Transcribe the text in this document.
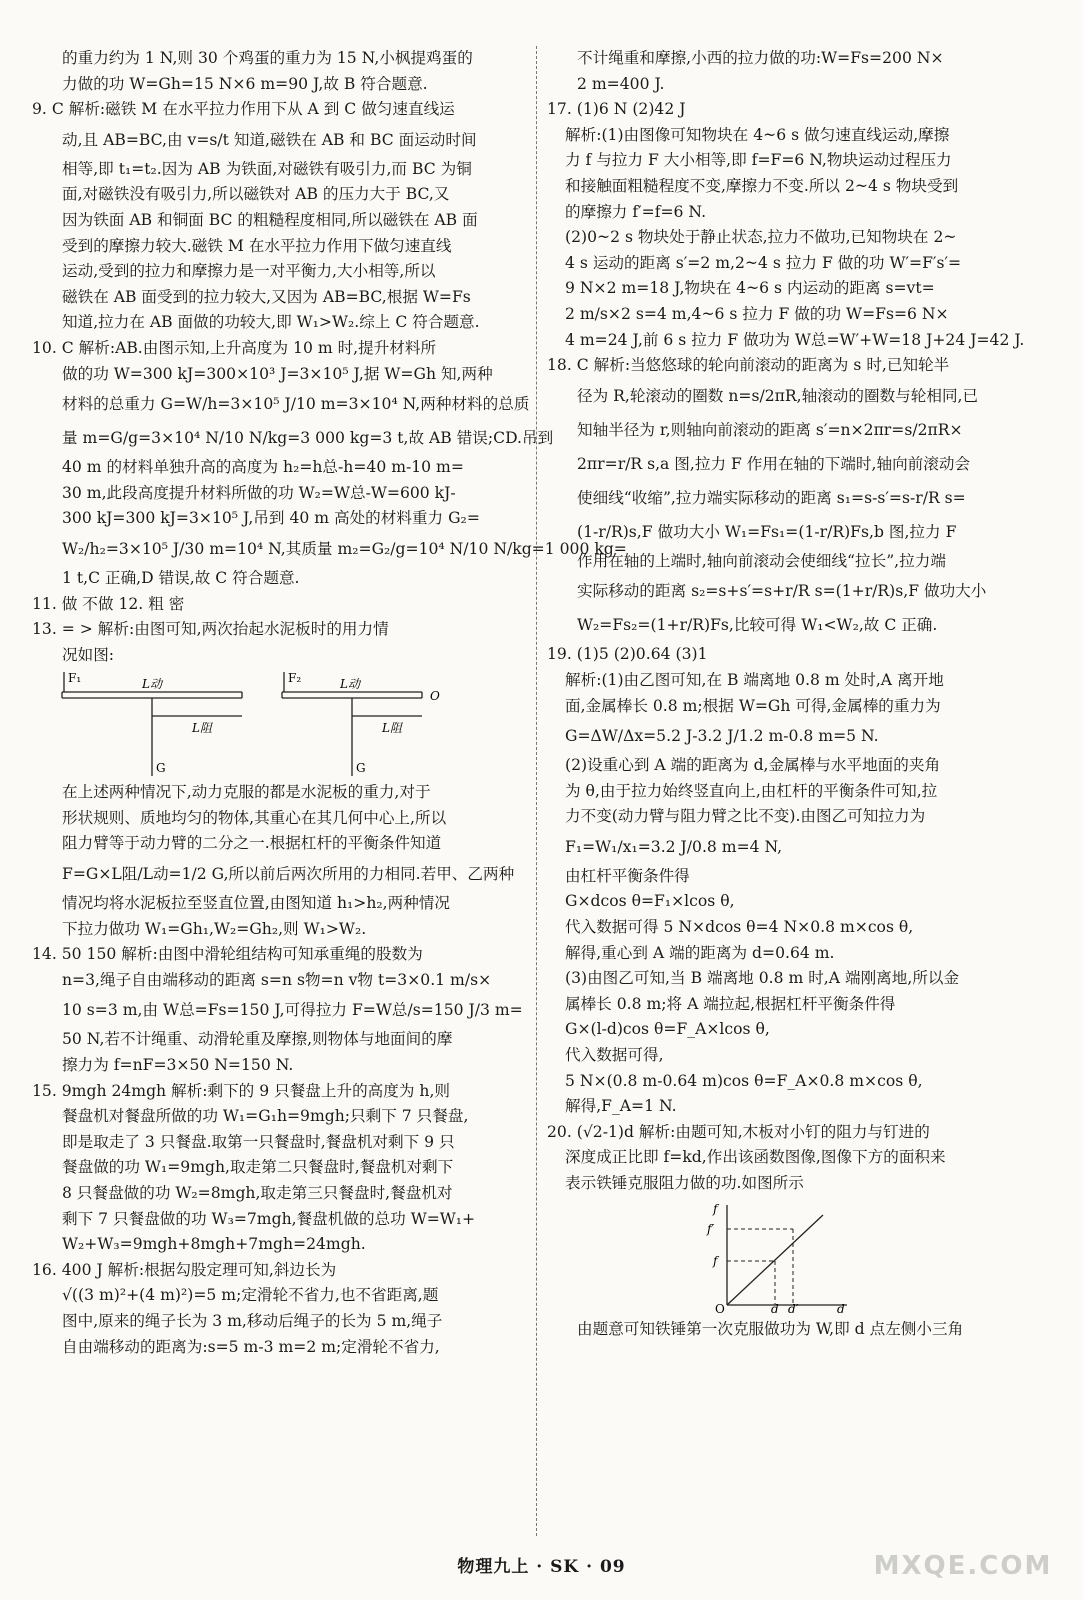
的重力约为 1 N,则 30 个鸡蛋的重力为 15 N,小枫提鸡蛋的
力做的功 W=Gh=15 N×6 m=90 J,故 B 符合题意.
9. C 解析:磁铁 M 在水平拉力作用下从 A 到 C 做匀速直线运
动,且 AB=BC,由 v=s/t 知道,磁铁在 AB 和 BC 面运动时间
相等,即 t₁=t₂.因为 AB 为铁面,对磁铁有吸引力,而 BC 为铜
面,对磁铁没有吸引力,所以磁铁对 AB 的压力大于 BC,又
因为铁面 AB 和铜面 BC 的粗糙程度相同,所以磁铁在 AB 面
受到的摩擦力较大.磁铁 M 在水平拉力作用下做匀速直线
运动,受到的拉力和摩擦力是一对平衡力,大小相等,所以
磁铁在 AB 面受到的拉力较大,又因为 AB=BC,根据 W=Fs
知道,拉力在 AB 面做的功较大,即 W₁>W₂.综上 C 符合题意.
10. C 解析:AB.由图示知,上升高度为 10 m 时,提升材料所
做的功 W=300 kJ=300×10³ J=3×10⁵ J,据 W=Gh 知,两种
材料的总重力 G=W/h=3×10⁵ J/10 m=3×10⁴ N,两种材料的总质
量 m=G/g=3×10⁴ N/10 N/kg=3 000 kg=3 t,故 AB 错误;CD.吊到
40 m 的材料单独升高的高度为 h₂=h总-h=40 m-10 m=
30 m,此段高度提升材料所做的功 W₂=W总-W=600 kJ-
300 kJ=300 kJ=3×10⁵ J,吊到 40 m 高处的材料重力 G₂=
W₂/h₂=3×10⁵ J/30 m=10⁴ N,其质量 m₂=G₂/g=10⁴ N/10 N/kg=1 000 kg=
1 t,C 正确,D 错误,故 C 符合题意.
11. 做 不做 12. 粗 密
13. = > 解析:由图可知,两次抬起水泥板时的用力情
况如图:
F₁	L动
L阻
G
F₂	L动
L阻
G
O
在上述两种情况下,动力克服的都是水泥板的重力,对于
形状规则、质地均匀的物体,其重心在其几何中心上,所以
阻力臂等于动力臂的二分之一.根据杠杆的平衡条件知道
F=G×L阻/L动=1/2 G,所以前后两次所用的力相同.若甲、乙两种
情况均将水泥板拉至竖直位置,由图知道 h₁>h₂,两种情况
下拉力做功 W₁=Gh₁,W₂=Gh₂,则 W₁>W₂.
14. 50 150 解析:由图中滑轮组结构可知承重绳的股数为
n=3,绳子自由端移动的距离 s=n s物=n v物 t=3×0.1 m/s×
10 s=3 m,由 W总=Fs=150 J,可得拉力 F=W总/s=150 J/3 m=
50 N,若不计绳重、动滑轮重及摩擦,则物体与地面间的摩
擦力为 f=nF=3×50 N=150 N.
15. 9mgh 24mgh 解析:剩下的 9 只餐盘上升的高度为 h,则
餐盘机对餐盘所做的功 W₁=G₁h=9mgh;只剩下 7 只餐盘,
即是取走了 3 只餐盘.取第一只餐盘时,餐盘机对剩下 9 只
餐盘做的功 W₁=9mgh,取走第二只餐盘时,餐盘机对剩下
8 只餐盘做的功 W₂=8mgh,取走第三只餐盘时,餐盘机对
剩下 7 只餐盘做的功 W₃=7mgh,餐盘机做的总功 W=W₁+
W₂+W₃=9mgh+8mgh+7mgh=24mgh.
16. 400 J 解析:根据勾股定理可知,斜边长为
√((3 m)²+(4 m)²)=5 m;定滑轮不省力,也不省距离,题
图中,原来的绳子长为 3 m,移动后绳子的长为 5 m,绳子
自由端移动的距离为:s=5 m-3 m=2 m;定滑轮不省力,
不计绳重和摩擦,小西的拉力做的功:W=Fs=200 N×
2 m=400 J.
17. (1)6 N (2)42 J
解析:(1)由图像可知物块在 4~6 s 做匀速直线运动,摩擦
力 f 与拉力 F 大小相等,即 f=F=6 N,物块运动过程压力
和接触面粗糙程度不变,摩擦力不变.所以 2~4 s 物块受到
的摩擦力 f′=f=6 N.
(2)0~2 s 物块处于静止状态,拉力不做功,已知物块在 2~
4 s 运动的距离 s′=2 m,2~4 s 拉力 F 做的功 W′=F′s′=
9 N×2 m=18 J,物块在 4~6 s 内运动的距离 s=vt=
2 m/s×2 s=4 m,4~6 s 拉力 F 做的功 W=Fs=6 N×
4 m=24 J,前 6 s 拉力 F 做功为 W总=W′+W=18 J+24 J=42 J.
18. C 解析:当悠悠球的轮向前滚动的距离为 s 时,已知轮半
径为 R,轮滚动的圈数 n=s/2πR,轴滚动的圈数与轮相同,已
知轴半径为 r,则轴向前滚动的距离 s′=n×2πr=s/2πR×
2πr=r/R s,a 图,拉力 F 作用在轴的下端时,轴向前滚动会
使细线“收缩”,拉力端实际移动的距离 s₁=s-s′=s-r/R s=
(1-r/R)s,F 做功大小 W₁=Fs₁=(1-r/R)Fs,b 图,拉力 F
作用在轴的上端时,轴向前滚动会使细线“拉长”,拉力端
实际移动的距离 s₂=s+s′=s+r/R s=(1+r/R)s,F 做功大小
W₂=Fs₂=(1+r/R)Fs,比较可得 W₁<W₂,故 C 正确.
19. (1)5 (2)0.64 (3)1
解析:(1)由乙图可知,在 B 端离地 0.8 m 处时,A 离开地
面,金属棒长 0.8 m;根据 W=Gh 可得,金属棒的重力为
G=ΔW/Δx=5.2 J-3.2 J/1.2 m-0.8 m=5 N.
(2)设重心到 A 端的距离为 d,金属棒与水平地面的夹角
为 θ,由于拉力始终竖直向上,由杠杆的平衡条件可知,拉
力不变(动力臂与阻力臂之比不变).由图乙可知拉力为
F₁=W₁/x₁=3.2 J/0.8 m=4 N,
由杠杆平衡条件得
G×dcos θ=F₁×lcos θ,
代入数据可得 5 N×dcos θ=4 N×0.8 m×cos θ,
解得,重心到 A 端的距离为 d=0.64 m.
(3)由图乙可知,当 B 端离地 0.8 m 时,A 端刚离地,所以金
属棒长 0.8 m;将 A 端拉起,根据杠杆平衡条件得
G×(l-d)cos θ=F_A×lcos θ,
代入数据可得,
5 N×(0.8 m-0.64 m)cos θ=F_A×0.8 m×cos θ,
解得,F_A=1 N.
20. (√2-1)d 解析:由题可知,木板对小钉的阻力与钉进的
深度成正比即 f=kd,作出该函数图像,图像下方的面积来
表示铁锤克服阻力做的功.如图所示
f
f′
f
O	d d′	d
由题意可知铁锤第一次克服做功为 W,即 d 点左侧小三角
物理九上 · SK · 09	MXQE.COM
